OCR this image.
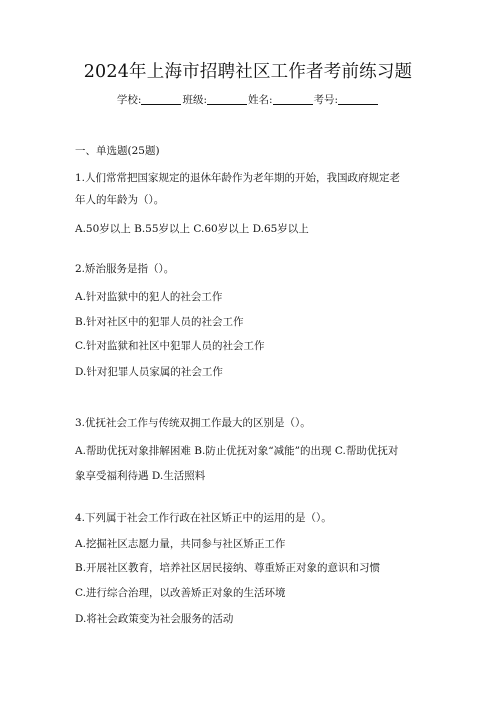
2024年上海市招聘社区工作者考前练习题
学校:	班级:	姓名:	考号:
一、单选题(25题)
1.人们常常把国家规定的退休年龄作为老年期的开始，我国政府规定老
年人的年龄为（）。
A.50岁以上 B.55岁以上 C.60岁以上 D.65岁以上
2.矫治服务是指（）。
A.针对监狱中的犯人的社会工作
B.针对社区中的犯罪人员的社会工作
C.针对监狱和社区中犯罪人员的社会工作
D.针对犯罪人员家属的社会工作
3.优抚社会工作与传统双拥工作最大的区别是（）。
A.帮助优抚对象排解困难 B.防止优抚对象“减能”的出现 C.帮助优抚对
象享受福利待遇 D.生活照料
4.下列属于社会工作行政在社区矫正中的运用的是（）。
A.挖掘社区志愿力量，共同参与社区矫正工作
B.开展社区教育，培养社区居民接纳、尊重矫正对象的意识和习惯
C.进行综合治理，以改善矫正对象的生活环境
D.将社会政策变为社会服务的活动
